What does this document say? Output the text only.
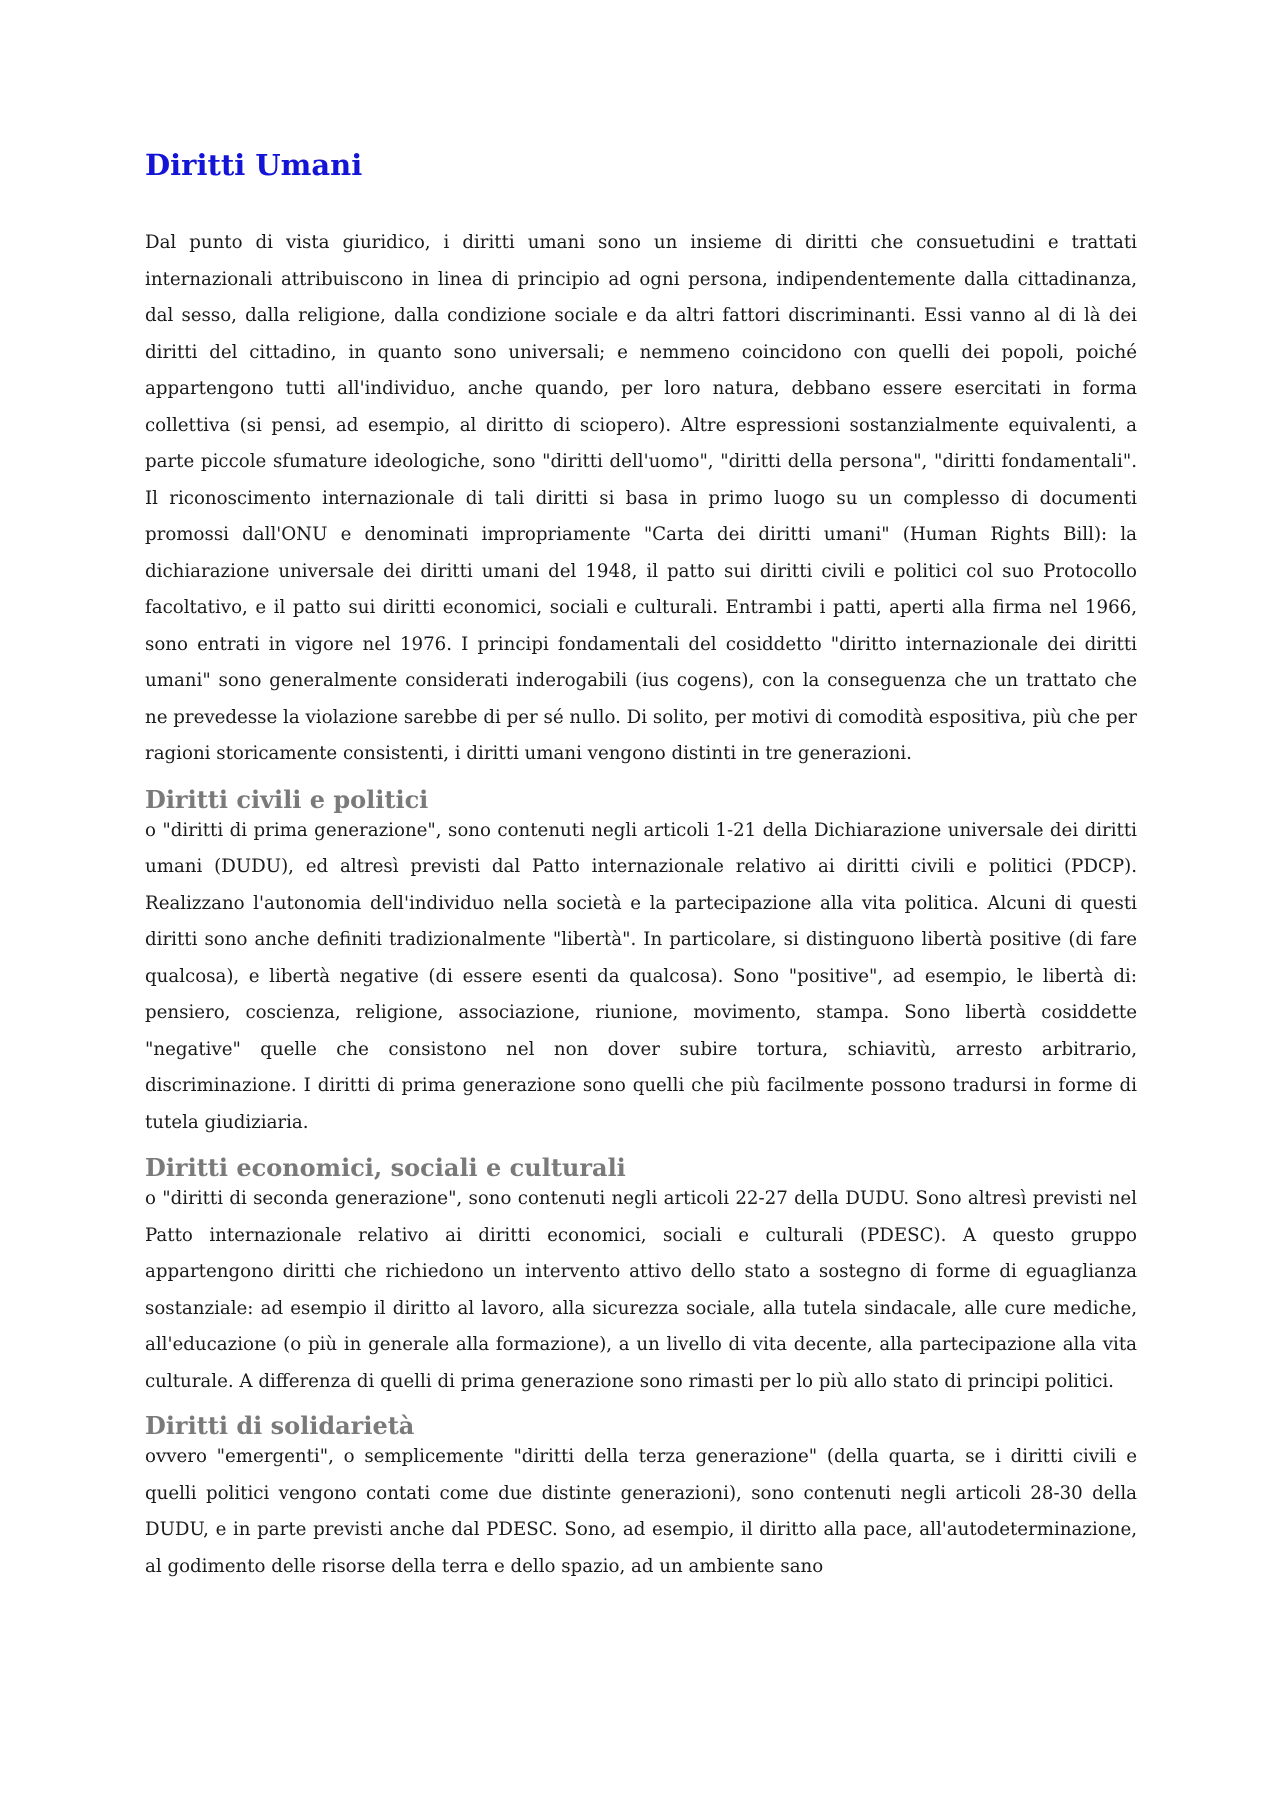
Diritti Umani

Dal punto di vista giuridico, i diritti umani sono un insieme di diritti che consuetudini e trattati internazionali attribuiscono in linea di principio ad ogni persona, indipendentemente dalla cittadinanza, dal sesso, dalla religione, dalla condizione sociale e da altri fattori discriminanti. Essi vanno al di là dei diritti del cittadino, in quanto sono universali; e nemmeno coincidono con quelli dei popoli, poiché appartengono tutti all'individuo, anche quando, per loro natura, debbano essere esercitati in forma collettiva (si pensi, ad esempio, al diritto di sciopero). Altre espressioni sostanzialmente equivalenti, a parte piccole sfumature ideologiche, sono "diritti dell'uomo", "diritti della persona", "diritti fondamentali". Il riconoscimento internazionale di tali diritti si basa in primo luogo su un complesso di documenti promossi dall'ONU e denominati impropriamente "Carta dei diritti umani" (Human Rights Bill): la dichiarazione universale dei diritti umani del 1948, il patto sui diritti civili e politici col suo Protocollo facoltativo, e il patto sui diritti economici, sociali e culturali. Entrambi i patti, aperti alla firma nel 1966, sono entrati in vigore nel 1976. I principi fondamentali del cosiddetto "diritto internazionale dei diritti umani" sono generalmente considerati inderogabili (ius cogens), con la conseguenza che un trattato che ne prevedesse la violazione sarebbe di per sé nullo. Di solito, per motivi di comodità espositiva, più che per ragioni storicamente consistenti, i diritti umani vengono distinti in tre generazioni.

Diritti civili e politici

o "diritti di prima generazione", sono contenuti negli articoli 1-21 della Dichiarazione universale dei diritti umani (DUDU), ed altresì previsti dal Patto internazionale relativo ai diritti civili e politici (PDCP). Realizzano l'autonomia dell'individuo nella società e la partecipazione alla vita politica. Alcuni di questi diritti sono anche definiti tradizionalmente "libertà". In particolare, si distinguono libertà positive (di fare qualcosa), e libertà negative (di essere esenti da qualcosa). Sono "positive", ad esempio, le libertà di: pensiero, coscienza, religione, associazione, riunione, movimento, stampa. Sono libertà cosiddette "negative" quelle che consistono nel non dover subire tortura, schiavitù, arresto arbitrario, discriminazione. I diritti di prima generazione sono quelli che più facilmente possono tradursi in forme di tutela giudiziaria.

Diritti economici, sociali e culturali

o "diritti di seconda generazione", sono contenuti negli articoli 22-27 della DUDU. Sono altresì previsti nel Patto internazionale relativo ai diritti economici, sociali e culturali (PDESC). A questo gruppo appartengono diritti che richiedono un intervento attivo dello stato a sostegno di forme di eguaglianza sostanziale: ad esempio il diritto al lavoro, alla sicurezza sociale, alla tutela sindacale, alle cure mediche, all'educazione (o più in generale alla formazione), a un livello di vita decente, alla partecipazione alla vita culturale. A differenza di quelli di prima generazione sono rimasti per lo più allo stato di principi politici.

Diritti di solidarietà

ovvero "emergenti", o semplicemente "diritti della terza generazione" (della quarta, se i diritti civili e quelli politici vengono contati come due distinte generazioni), sono contenuti negli articoli 28-30 della DUDU, e in parte previsti anche dal PDESC. Sono, ad esempio, il diritto alla pace, all'autodeterminazione, al godimento delle risorse della terra e dello spazio, ad un ambiente sano
